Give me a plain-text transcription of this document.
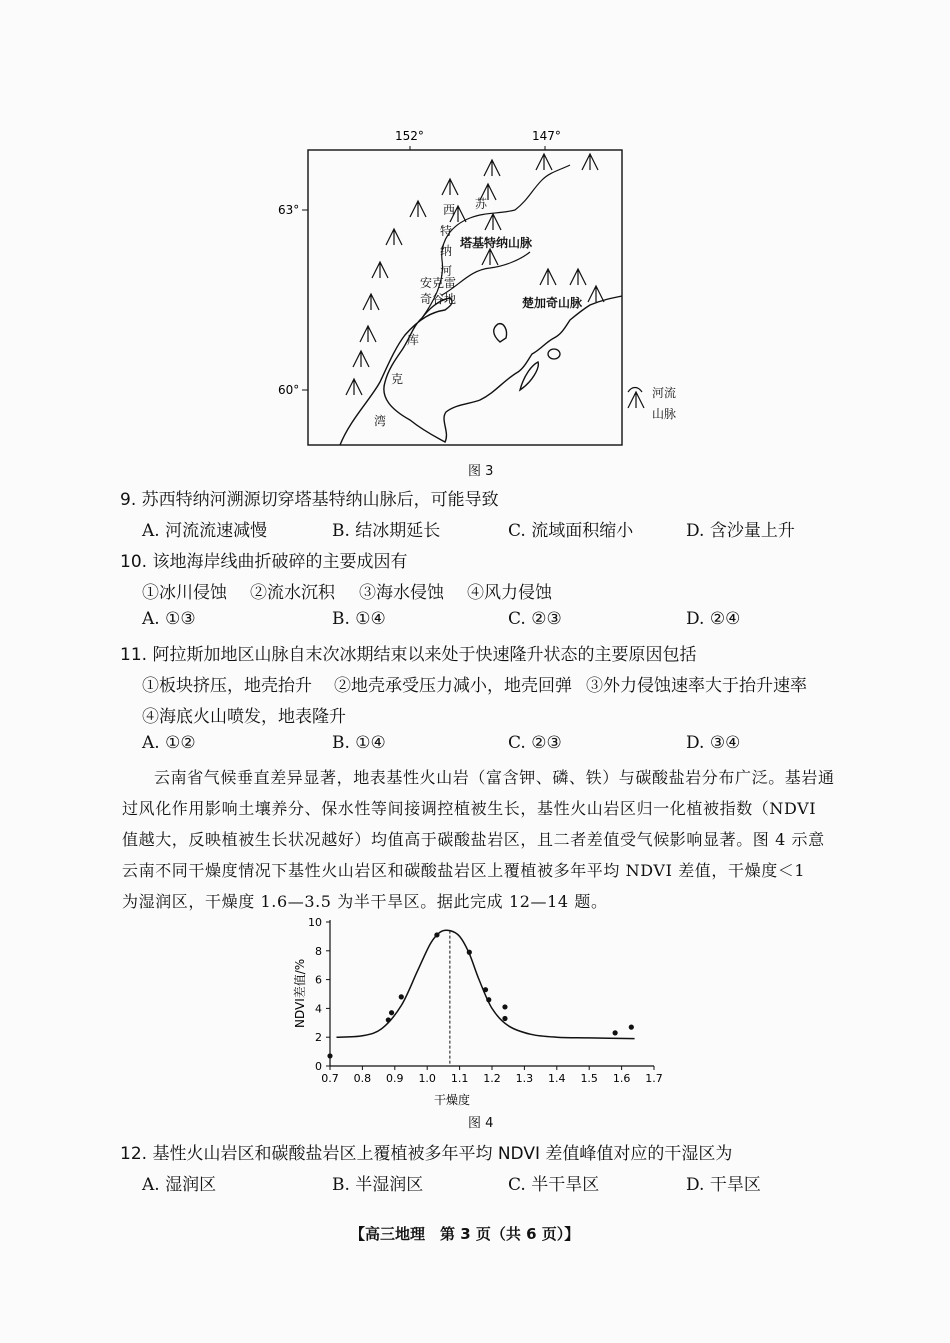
152°	147°
63°
60°
西
特
纳
河
苏
塔基特纳山脉
安克雷
奇谷地	楚加奇山脉
库
克
湾
河流
山脉
图 3
9. 苏西特纳河溯源切穿塔基特纳山脉后，可能导致
A. 河流流速减慢	B. 结冰期延长	C. 流域面积缩小	D. 含沙量上升
10. 该地海岸线曲折破碎的主要成因有
①冰川侵蚀 ②流水沉积 ③海水侵蚀 ④风力侵蚀
A. ①③	B. ①④	C. ②③	D. ②④
11. 阿拉斯加地区山脉自末次冰期结束以来处于快速隆升状态的主要原因包括
①板块挤压，地壳抬升 ②地壳承受压力减小，地壳回弹 ③外力侵蚀速率大于抬升速率
④海底火山喷发，地表隆升
A. ①②	B. ①④	C. ②③	D. ③④
云南省气候垂直差异显著，地表基性火山岩（富含钾、磷、铁）与碳酸盐岩分布广泛。基岩通
过风化作用影响土壤养分、保水性等间接调控植被生长，基性火山岩区归一化植被指数（NDVI
值越大，反映植被生长状况越好）均值高于碳酸盐岩区，且二者差值受气候影响显著。图 4 示意
云南不同干燥度情况下基性火山岩区和碳酸盐岩区上覆植被多年平均 NDVI 差值，干燥度＜1
为湿润区，干燥度 1.6—3.5 为半干旱区。据此完成 12—14 题。
0
2
4
6
8
10
0.7 0.8 0.9 1.0 1.1 1.2 1.3 1.4 1.5 1.6 1.7
NDVI差值/%
干燥度
图 4
12. 基性火山岩区和碳酸盐岩区上覆植被多年平均 NDVI 差值峰值对应的干湿区为
A. 湿润区	B. 半湿润区	C. 半干旱区	D. 干旱区
【高三地理　第 3 页（共 6 页）】
